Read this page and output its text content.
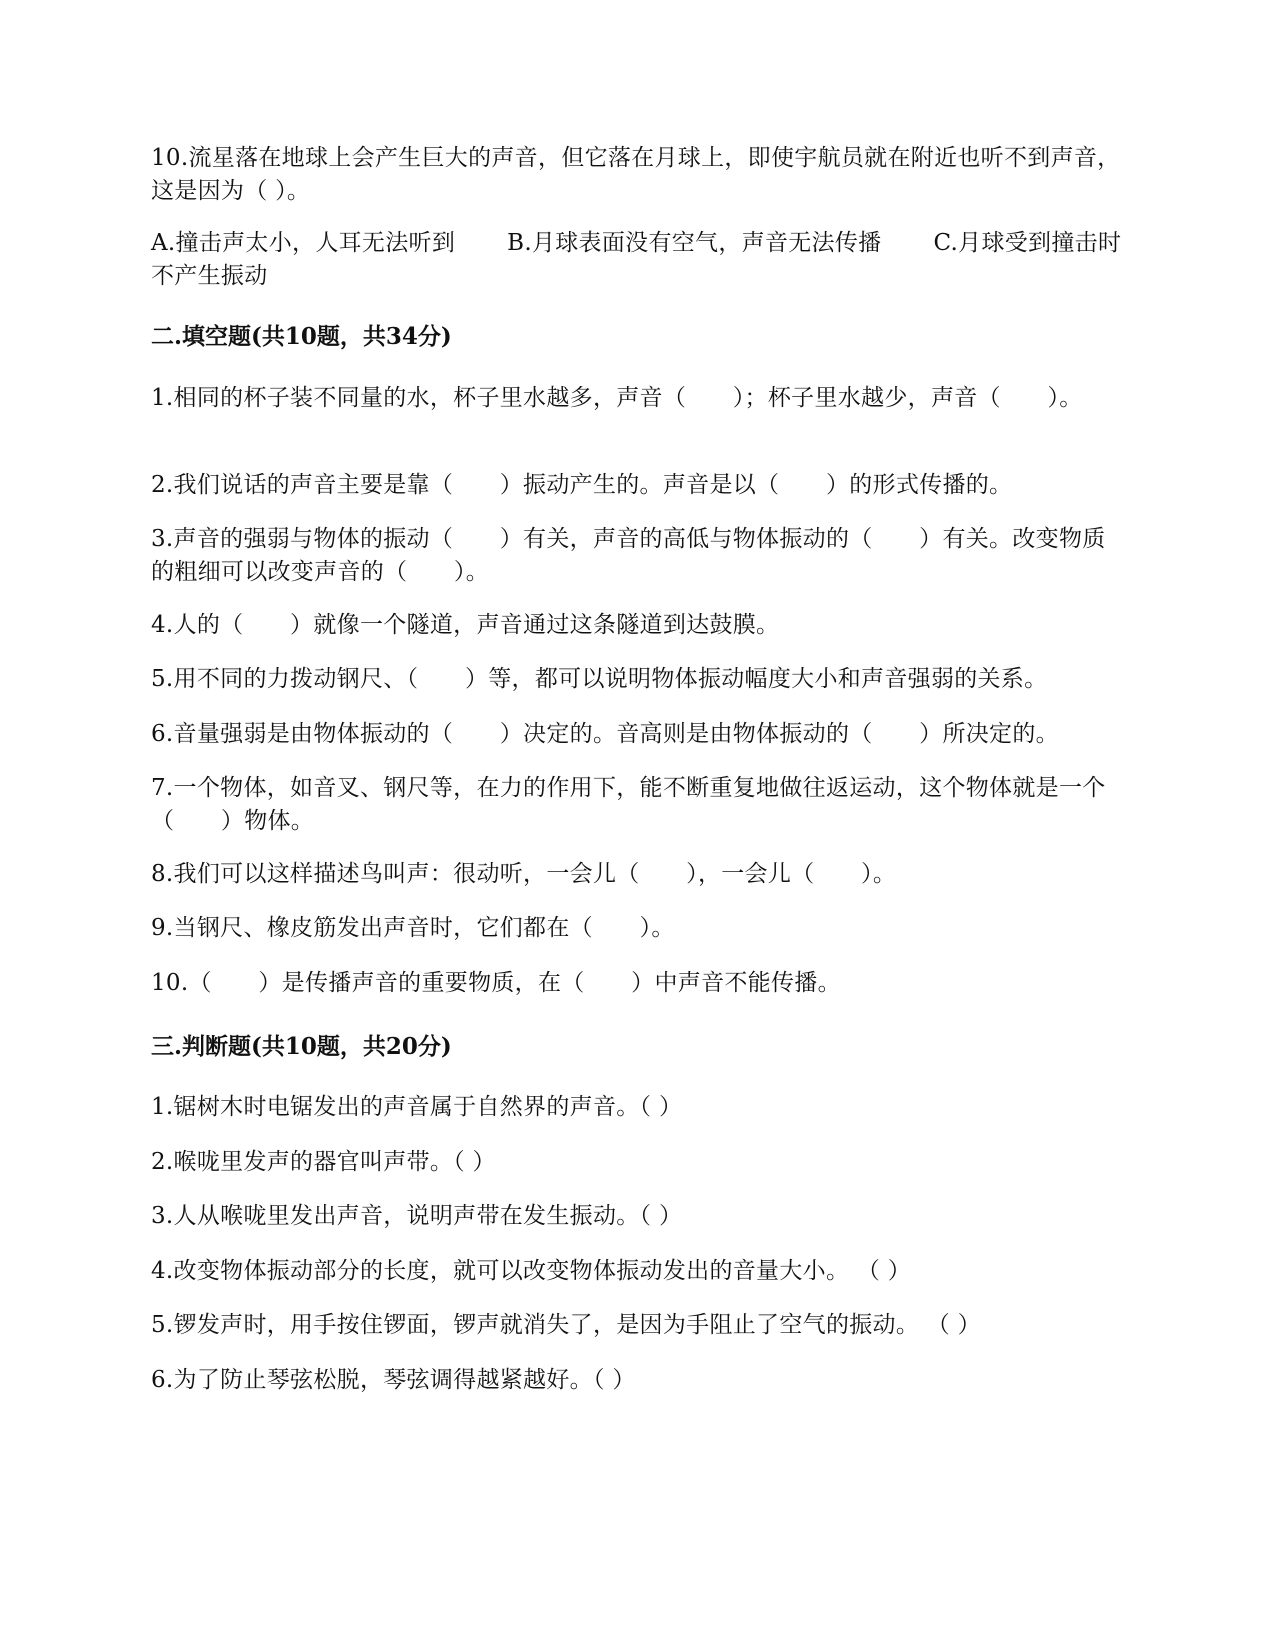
10.流星落在地球上会产生巨大的声音，但它落在月球上，即使宇航员就在附近也听不到声音，这是因为（ ）。

A.撞击声太小，人耳无法听到 B.月球表面没有空气，声音无法传播 C.月球受到撞击时不产生振动

二.填空题(共10题，共34分)

1.相同的杯子装不同量的水，杯子里水越多，声音（　　）；杯子里水越少，声音（　　）。

2.我们说话的声音主要是靠（　　）振动产生的。声音是以（　　）的形式传播的。

3.声音的强弱与物体的振动（　　）有关，声音的高低与物体振动的（　　）有关。改变物质的粗细可以改变声音的（　　）。

4.人的（　　）就像一个隧道，声音通过这条隧道到达鼓膜。

5.用不同的力拨动钢尺、（　　）等，都可以说明物体振动幅度大小和声音强弱的关系。

6.音量强弱是由物体振动的（　　）决定的。音高则是由物体振动的（　　）所决定的。

7.一个物体，如音叉、钢尺等，在力的作用下，能不断重复地做往返运动，这个物体就是一个（　　）物体。

8.我们可以这样描述鸟叫声：很动听，一会儿（　　），一会儿（　　）。

9.当钢尺、橡皮筋发出声音时，它们都在（　　）。

10.（　　）是传播声音的重要物质，在（　　）中声音不能传播。

三.判断题(共10题，共20分)

1.锯树木时电锯发出的声音属于自然界的声音。（ ）

2.喉咙里发声的器官叫声带。（ ）

3.人从喉咙里发出声音，说明声带在发生振动。（ ）

4.改变物体振动部分的长度，就可以改变物体振动发出的音量大小。 （ ）

5.锣发声时，用手按住锣面，锣声就消失了，是因为手阻止了空气的振动。 （ ）

6.为了防止琴弦松脱，琴弦调得越紧越好。（ ）
